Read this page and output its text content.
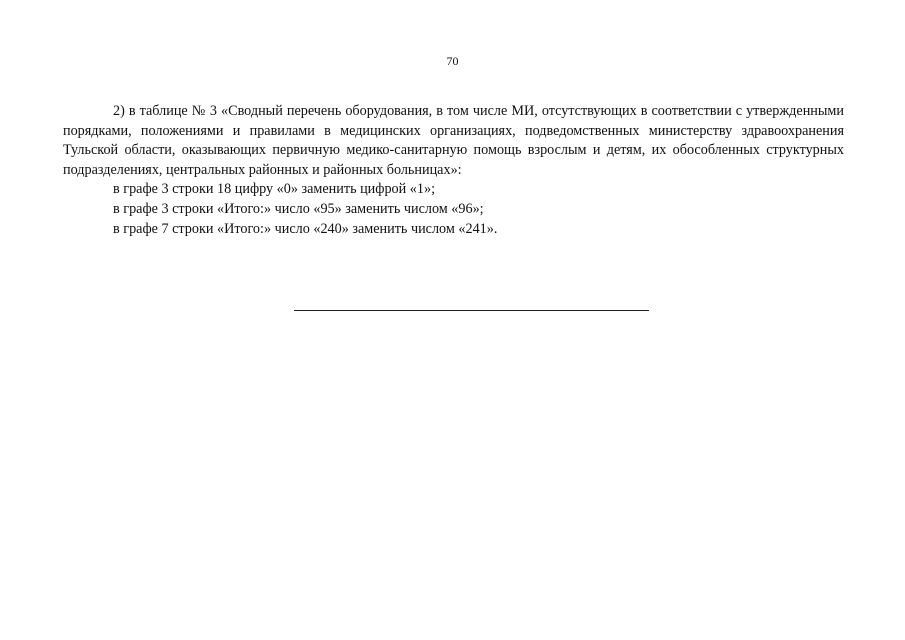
70

2) в таблице № 3 «Сводный перечень оборудования, в том числе МИ, отсутствующих в соответствии с утвержденными порядками, положениями и правилами в медицинских организациях, подведомственных министерству здравоохранения Тульской области, оказывающих первичную медико-санитарную помощь взрослым и детям, их обособленных структурных подразделениях, центральных районных и районных больницах»:

в графе 3 строки 18 цифру «0» заменить цифрой «1»;

в графе 3 строки «Итого:» число «95» заменить числом «96»;

в графе 7 строки «Итого:» число «240» заменить числом «241».
